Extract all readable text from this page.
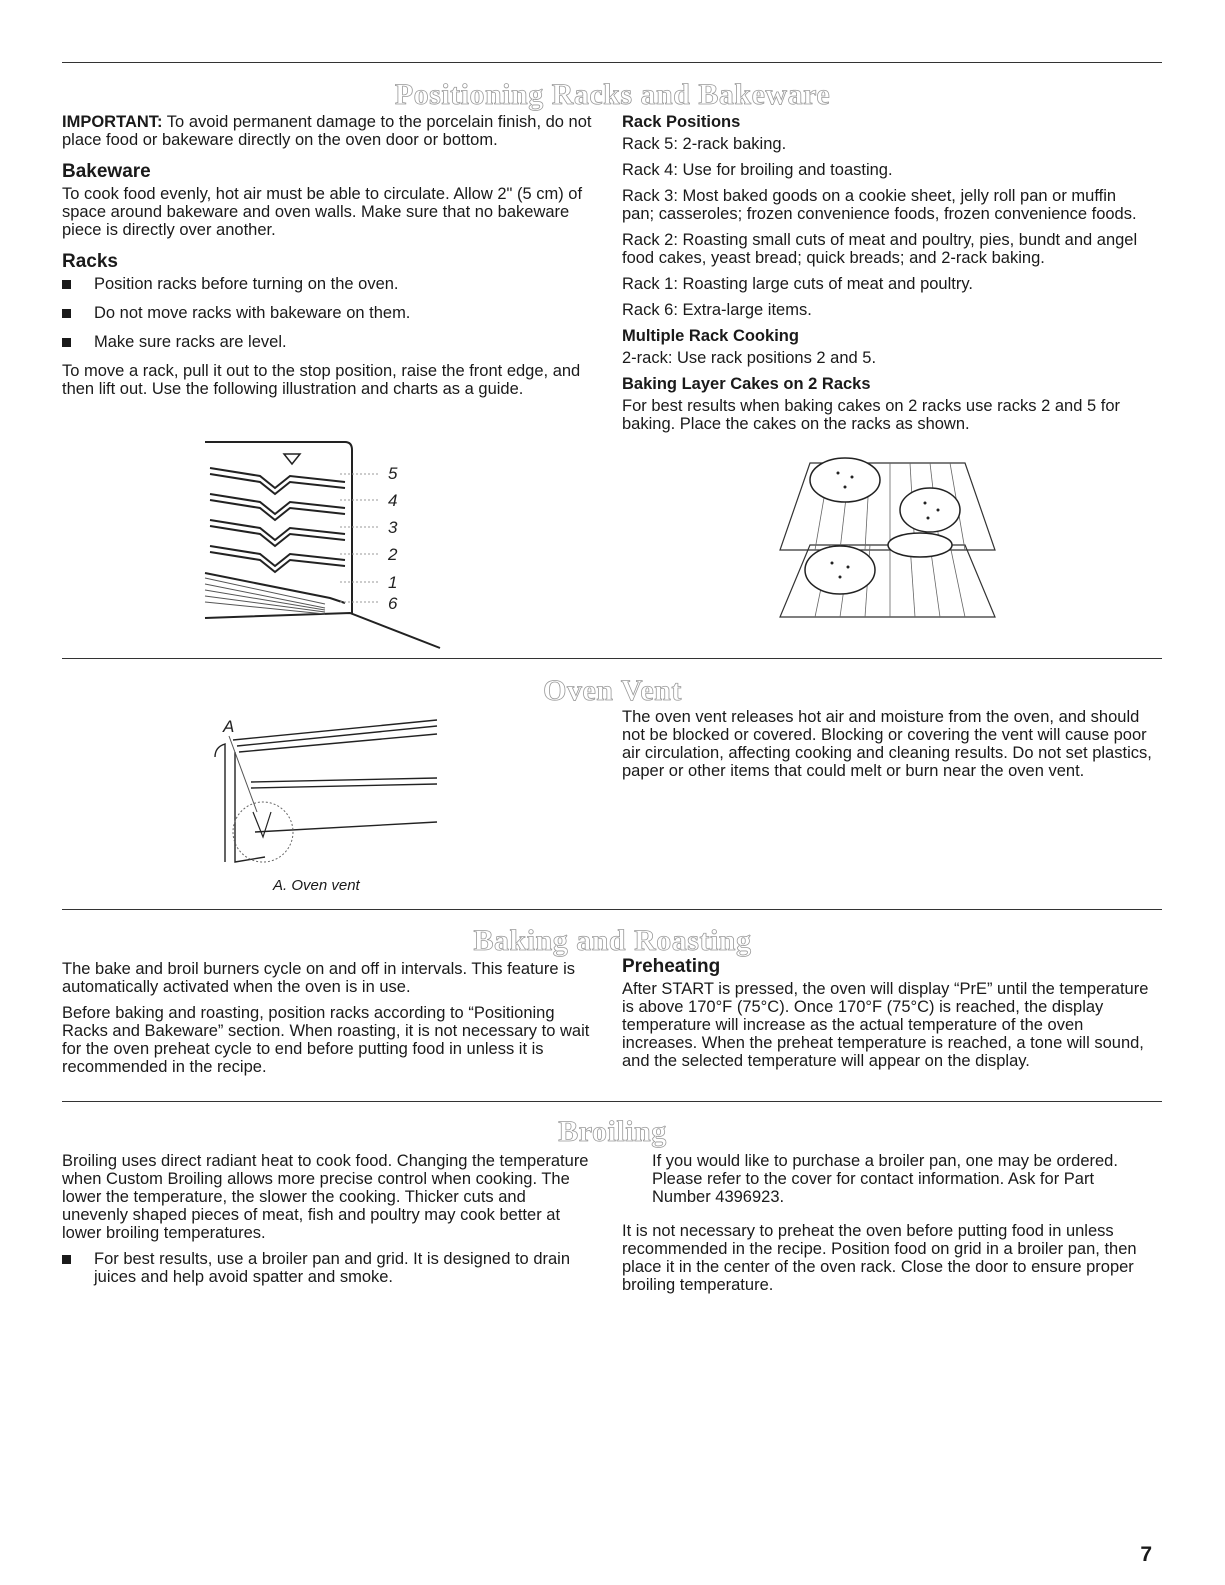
Positioning Racks and Bakeware

IMPORTANT: To avoid permanent damage to the porcelain finish, do not place food or bakeware directly on the oven door or bottom.

Bakeware

To cook food evenly, hot air must be able to circulate. Allow 2" (5 cm) of space around bakeware and oven walls. Make sure that no bakeware piece is directly over another.

Racks
Position racks before turning on the oven.
Do not move racks with bakeware on them.
Make sure racks are level.

To move a rack, pull it out to the stop position, raise the front edge, and then lift out. Use the following illustration and charts as a guide.

5
4
3
2
1
6
Rack Positions

Rack 5: 2-rack baking.

Rack 4: Use for broiling and toasting.

Rack 3: Most baked goods on a cookie sheet, jelly roll pan or muffin pan; casseroles; frozen convenience foods, frozen convenience foods.

Rack 2: Roasting small cuts of meat and poultry, pies, bundt and angel food cakes, yeast bread; quick breads; and 2-rack baking.

Rack 1: Roasting large cuts of meat and poultry.

Rack 6: Extra-large items.

Multiple Rack Cooking

2-rack: Use rack positions 2 and 5.

Baking Layer Cakes on 2 Racks

For best results when baking cakes on 2 racks use racks 2 and 5 for baking. Place the cakes on the racks as shown.

Oven Vent
A
A. Oven vent
The oven vent releases hot air and moisture from the oven, and should not be blocked or covered. Blocking or covering the vent will cause poor air circulation, affecting cooking and cleaning results. Do not set plastics, paper or other items that could melt or burn near the oven vent.
Baking and Roasting

The bake and broil burners cycle on and off in intervals. This feature is automatically activated when the oven is in use.

Before baking and roasting, position racks according to “Positioning Racks and Bakeware” section. When roasting, it is not necessary to wait for the oven preheat cycle to end before putting food in unless it is recommended in the recipe.

Preheating

After START is pressed, the oven will display “PrE” until the temperature is above 170°F (75°C). Once 170°F (75°C) is reached, the display temperature will increase as the actual temperature of the oven increases. When the preheat temperature is reached, a tone will sound, and the selected temperature will appear on the display.

Broiling

Broiling uses direct radiant heat to cook food. Changing the temperature when Custom Broiling allows more precise control when cooking. The lower the temperature, the slower the cooking. Thicker cuts and unevenly shaped pieces of meat, fish and poultry may cook better at lower broiling temperatures.

For best results, use a broiler pan and grid. It is designed to drain juices and help avoid spatter and smoke.

If you would like to purchase a broiler pan, one may be ordered. Please refer to the cover for contact information. Ask for Part Number 4396923.

It is not necessary to preheat the oven before putting food in unless recommended in the recipe. Position food on grid in a broiler pan, then place it in the center of the oven rack. Close the door to ensure proper broiling temperature.

7
